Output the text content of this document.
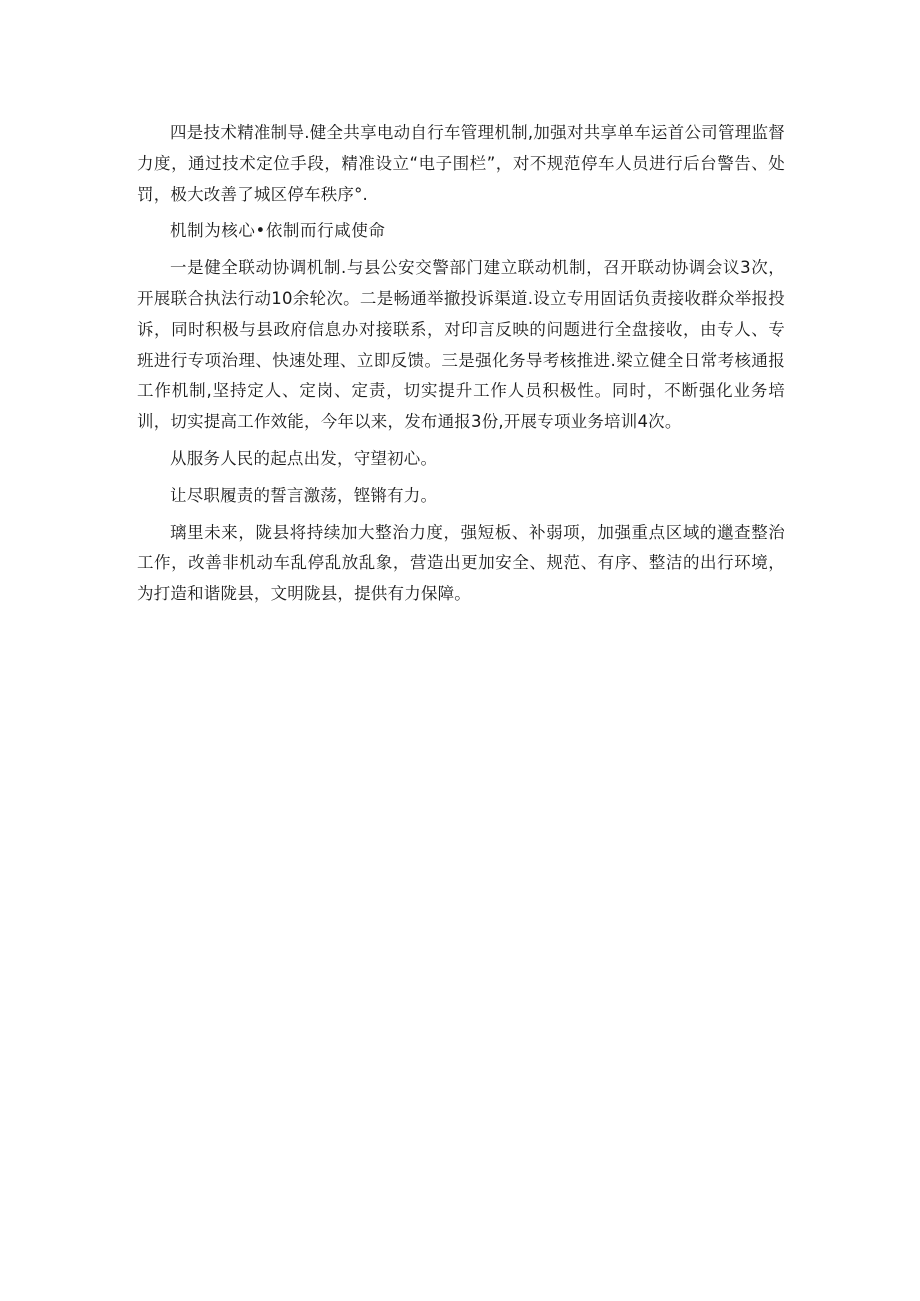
四是技术精准制导.健全共享电动自行车管理机制,加强对共享单车运首公司管理监督力度，通过技术定位手段，精准设立“电子围栏”，对不规范停车人员进行后台警告、处罚，极大改善了城区停车秩序°.

机制为核心•依制而行咸使命

一是健全联动协调机制.与县公安交警部门建立联动机制，召开联动协调会议3次，开展联合执法行动10余轮次。二是畅通举撤投诉渠道.设立专用固话负责接收群众举报投诉，同时积极与县政府信息办对接联系，对印言反映的问题进行全盘接收，由专人、专班进行专项治理、快速处理、立即反馈。三是强化务导考核推进.梁立健全日常考核通报工作机制,坚持定人、定岗、定责，切实提升工作人员积极性。同时，不断强化业务培训，切实提高工作效能，今年以来，发布通报3份,开展专项业务培训4次。

从服务人民的起点出发，守望初心。

让尽职履责的誓言激荡，铿锵有力。

璃里未来，陇县将持续加大整治力度，强短板、补弱项，加强重点区域的邋查整治工作，改善非机动车乱停乱放乱象，营造出更加安全、规范、有序、整洁的出行环境，为打造和谐陇县，文明陇县，提供有力保障。
